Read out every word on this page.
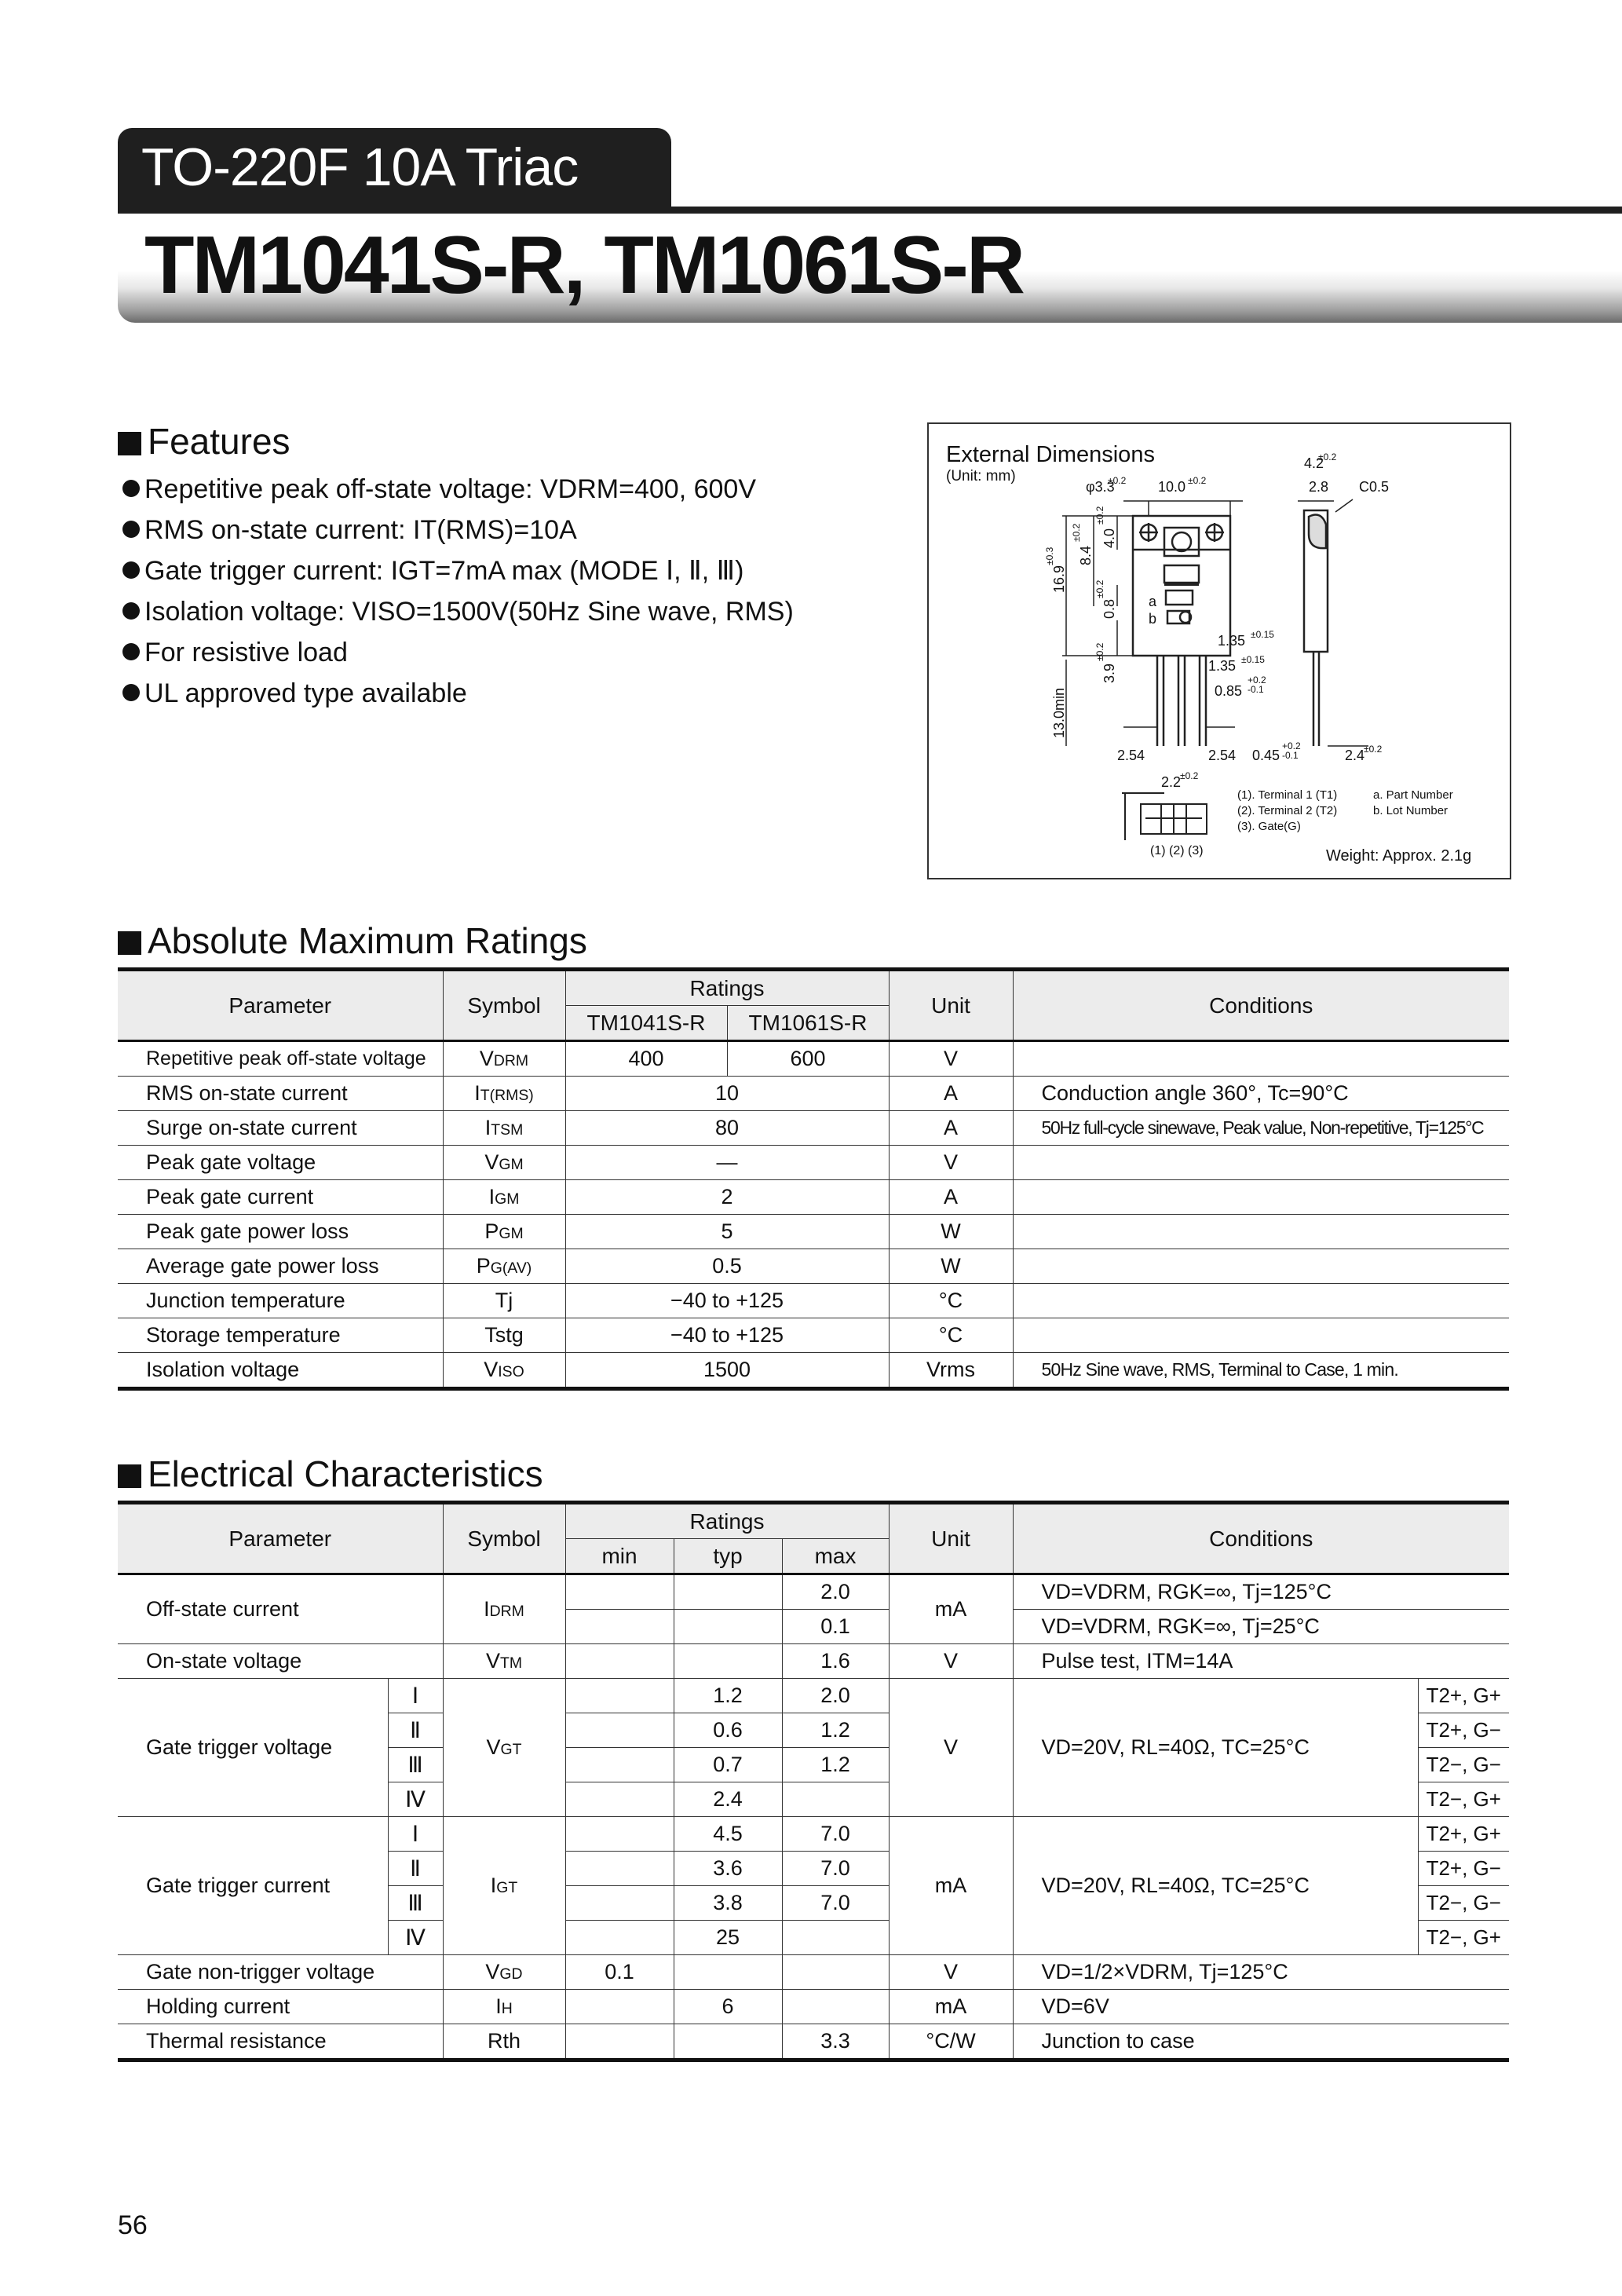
TO-220F 10A Triac
TM1041S-R, TM1061S-R
Features
Repetitive peak off-state voltage: VDRM=400, 600V
RMS on-state current: IT(RMS)=10A
Gate trigger current: IGT=7mA max (MODE Ⅰ, Ⅱ, Ⅲ)
Isolation voltage: VISO=1500V(50Hz Sine wave, RMS)
For resistive load
UL approved type available
External Dimensions
(Unit: mm)
a
b
φ3.3
±0.2 10.0 ±0.2
16.9
±0.3 8.4
±0.2 4.0
±0.2
0.8
±0.2
3.9
±0.2
13.0min
1.35 ±0.15
1.35 ±0.15
0.85
+0.2
-0.1
2.54	2.54
4.2
±0.2
2.8 C0.5
0.45
+0.2
-0.1	2.4
±0.2
2.2
±0.2
(1) (2) (3)
(1). Terminal 1 (T1)
(2). Terminal 2 (T2)
(3). Gate(G)
a. Part Number
b. Lot Number
Weight: Approx. 2.1g
Absolute Maximum Ratings
Parameter	Symbol	Ratings		Unit	Conditions
		TM1041S-R	TM1061S-R		
Repetitive peak off-state voltage	VDRM	400	600	V	
RMS on-state current	IT(RMS)	10		A	Conduction angle 360°, Tc=90°C
Surge on-state current	ITSM	80		A	50Hz full-cycle sinewave, Peak value, Non-repetitive, Tj=125°C
Peak gate voltage	VGM	—		V	
Peak gate current	IGM	2		A	
Peak gate power loss	PGM	5		W	
Average gate power loss	PG(AV)	0.5		W	
Junction temperature	Tj	−40 to +125		°C	
Storage temperature	Tstg	−40 to +125		°C	
Isolation voltage	VISO	1500		Vrms	50Hz Sine wave, RMS, Terminal to Case, 1 min.
Electrical Characteristics
Parameter		Symbol	Ratings			Unit	Conditions	
			min	typ	max			
Off-state current		IDRM			2.0	mA	VD=VDRM, RGK=∞, Tj=125°C	
					0.1		VD=VDRM, RGK=∞, Tj=25°C	
On-state voltage		VTM			1.6	V	Pulse test, ITM=14A	
Gate trigger voltage	Ⅰ	VGT		1.2	2.0	V	VD=20V, RL=40Ω, TC=25°C	T2+, G+
	Ⅱ			0.6	1.2			T2+, G−
	Ⅲ			0.7	1.2			T2−, G−
	Ⅳ			2.4				T2−, G+
Gate trigger current	Ⅰ	IGT		4.5	7.0	mA	VD=20V, RL=40Ω, TC=25°C	T2+, G+
	Ⅱ			3.6	7.0			T2+, G−
	Ⅲ			3.8	7.0			T2−, G−
	Ⅳ			25				T2−, G+
Gate non-trigger voltage		VGD	0.1			V	VD=1/2×VDRM, Tj=125°C	
Holding current		IH		6		mA	VD=6V	
Thermal resistance		Rth			3.3	°C/W	Junction to case	
56
